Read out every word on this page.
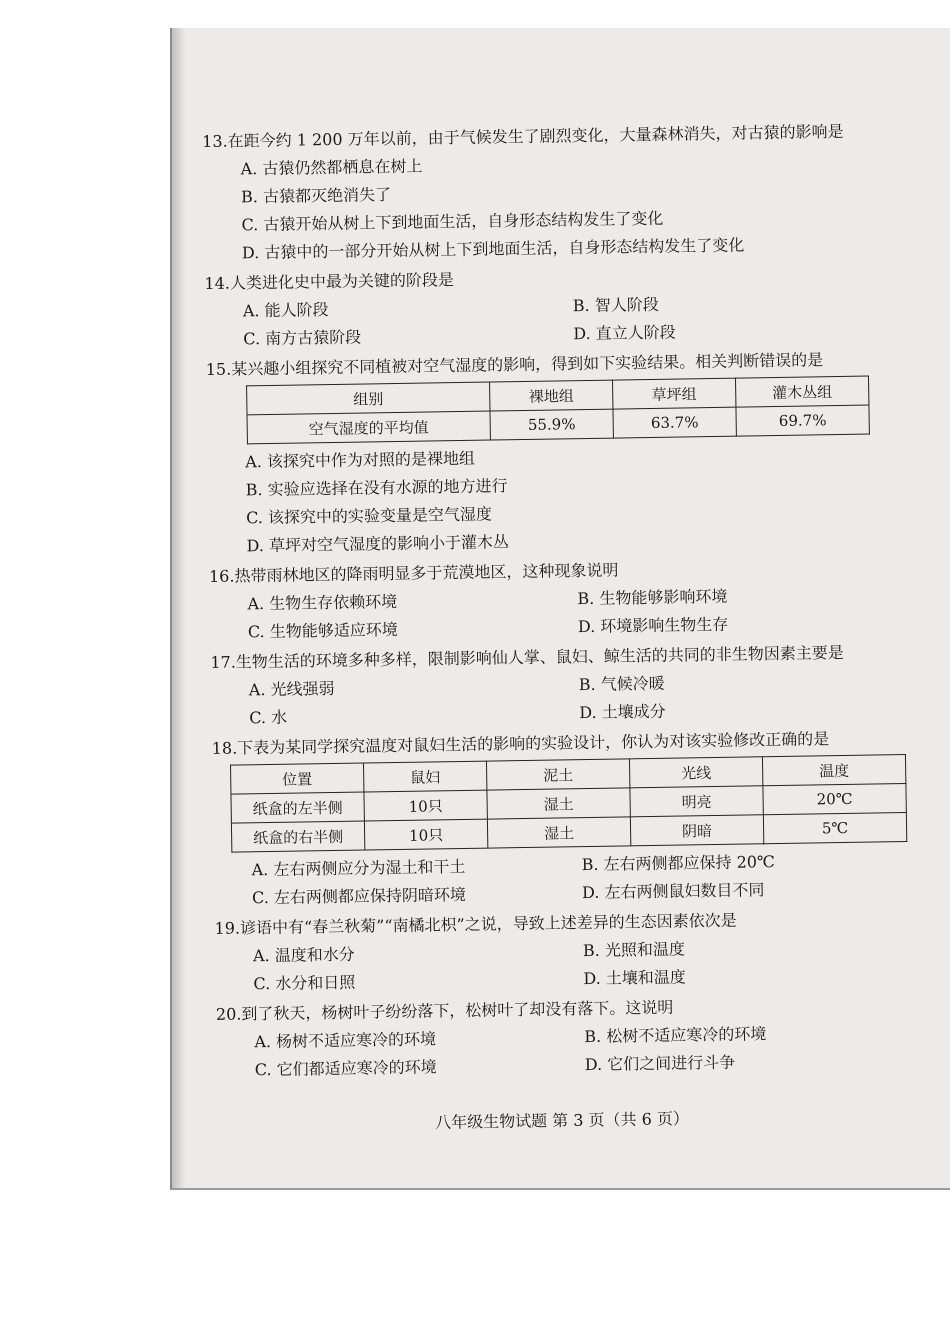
13.在距今约 1 200 万年以前，由于气候发生了剧烈变化，大量森林消失，对古猿的影响是

A. 古猿仍然都栖息在树上
B. 古猿都灭绝消失了
C. 古猿开始从树上下到地面生活，自身形态结构发生了变化
D. 古猿中的一部分开始从树上下到地面生活，自身形态结构发生了变化

14.人类进化史中最为关键的阶段是

A. 能人阶段	B. 智人阶段
C. 南方古猿阶段	D. 直立人阶段

15.某兴趣小组探究不同植被对空气湿度的影响，得到如下实验结果。相关判断错误的是

组别	裸地组	草坪组	灌木丛组
空气湿度的平均值	55.9%	63.7%	69.7%
A. 该探究中作为对照的是裸地组
B. 实验应选择在没有水源的地方进行
C. 该探究中的实验变量是空气湿度
D. 草坪对空气湿度的影响小于灌木丛

16.热带雨林地区的降雨明显多于荒漠地区，这种现象说明

A. 生物生存依赖环境	B. 生物能够影响环境
C. 生物能够适应环境	D. 环境影响生物生存

17.生物生活的环境多种多样，限制影响仙人掌、鼠妇、鲸生活的共同的非生物因素主要是

A. 光线强弱	B. 气候冷暖
C. 水	D. 土壤成分

18.下表为某同学探究温度对鼠妇生活的影响的实验设计，你认为对该实验修改正确的是

位置	鼠妇	泥土	光线	温度
纸盒的左半侧	10只	湿土	明亮	20℃
纸盒的右半侧	10只	湿土	阴暗	5℃
A. 左右两侧应分为湿土和干土	B. 左右两侧都应保持 20℃
C. 左右两侧都应保持阴暗环境	D. 左右两侧鼠妇数目不同

19.谚语中有“春兰秋菊”“南橘北枳”之说，导致上述差异的生态因素依次是

A. 温度和水分	B. 光照和温度
C. 水分和日照	D. 土壤和温度

20.到了秋天，杨树叶子纷纷落下，松树叶了却没有落下。这说明

A. 杨树不适应寒冷的环境	B. 松树不适应寒冷的环境
C. 它们都适应寒冷的环境	D. 它们之间进行斗争
八年级生物试题 第 3 页（共 6 页）
